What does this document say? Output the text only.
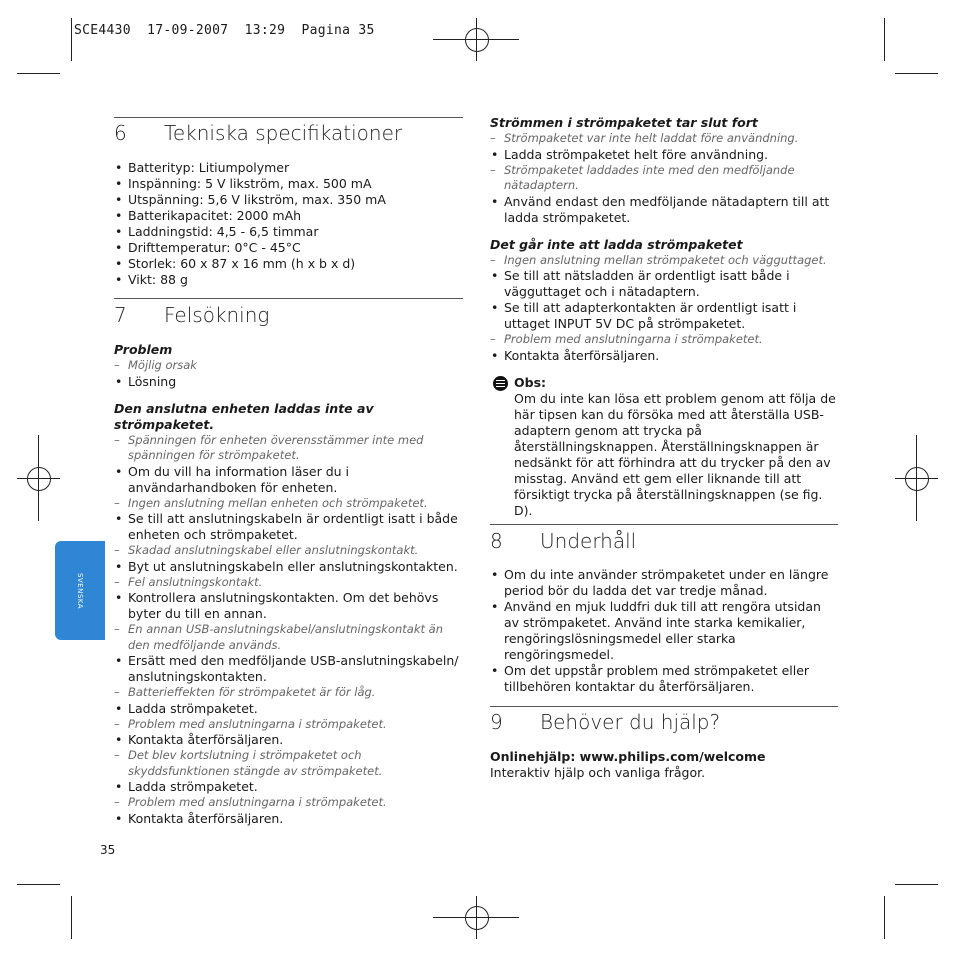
SCE4430  17-09-2007  13:29  Pagina 35
SVENSKA
6 Tekniska specifikationer
• Batterityp: Litiumpolymer
• Inspänning: 5 V likström, max. 500 mA
• Utspänning: 5,6 V likström, max. 350 mA
• Batterikapacitet: 2000 mAh
• Laddningstid: 4,5 - 6,5 timmar
• Drifttemperatur: 0°C - 45°C
• Storlek: 60 x 87 x 16 mm (h x b x d)
• Vikt: 88 g
7 Felsökning
Problem
– Möjlig orsak
• Lösning
Den anslutna enheten laddas inte av strömpaketet.
– Spänningen för enheten överensstämmer inte med spänningen för strömpaketet.
• Om du vill ha information läser du i användarhandboken för enheten.
– Ingen anslutning mellan enheten och strömpaketet.
• Se till att anslutningskabeln är ordentligt isatt i både enheten och strömpaketet.
– Skadad anslutningskabel eller anslutningskontakt.
• Byt ut anslutningskabeln eller anslutningskontakten.
– Fel anslutningskontakt.
• Kontrollera anslutningskontakten. Om det behövs byter du till en annan.
– En annan USB-anslutningskabel/anslutningskontakt än den medföljande används.
• Ersätt med den medföljande USB-anslutningskabeln/ anslutningskontakten.
– Batterieffekten för strömpaketet är för låg.
• Ladda strömpaketet.
– Problem med anslutningarna i strömpaketet.
• Kontakta återförsäljaren.
– Det blev kortslutning i strömpaketet och skyddsfunktionen stängde av strömpaketet.
• Ladda strömpaketet.
– Problem med anslutningarna i strömpaketet.
• Kontakta återförsäljaren.
35
Strömmen i strömpaketet tar slut fort
– Strömpaketet var inte helt laddat före användning.
• Ladda strömpaketet helt före användning.
– Strömpaketet laddades inte med den medföljande nätadaptern.
• Använd endast den medföljande nätadaptern till att ladda strömpaketet.
Det går inte att ladda strömpaketet
– Ingen anslutning mellan strömpaketet och vägguttaget.
• Se till att nätsladden är ordentligt isatt både i vägguttaget och i nätadaptern.
• Se till att adapterkontakten är ordentligt isatt i uttaget INPUT 5V DC på strömpaketet.
– Problem med anslutningarna i strömpaketet.
• Kontakta återförsäljaren.
Obs:
Om du inte kan lösa ett problem genom att följa de här tipsen kan du försöka med att återställa USB-adaptern genom att trycka på återställningsknappen. Återställningsknappen är nedsänkt för att förhindra att du trycker på den av misstag. Använd ett gem eller liknande till att försiktigt trycka på återställningsknappen (se fig. D).
8 Underhåll
• Om du inte använder strömpaketet under en längre period bör du ladda det var tredje månad.
• Använd en mjuk luddfri duk till att rengöra utsidan av strömpaketet. Använd inte starka kemikalier, rengöringslösningsmedel eller starka rengöringsmedel.
• Om det uppstår problem med strömpaketet eller tillbehören kontaktar du återförsäljaren.
9 Behöver du hjälp?
Onlinehjälp: www.philips.com/welcome
Interaktiv hjälp och vanliga frågor.
